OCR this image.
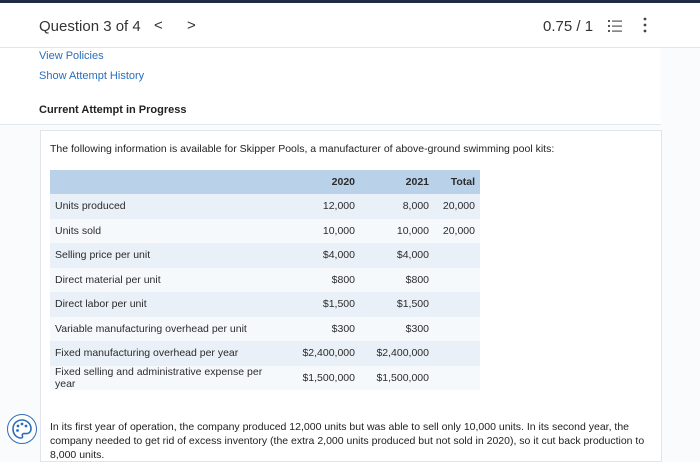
Question 3 of 4 < >	0.75 / 1
View Policies
Show Attempt History
Current Attempt in Progress
The following information is available for Skipper Pools, a manufacturer of above-ground swimming pool kits:
	2020	2021	Total
Units produced	12,000	8,000	20,000
Units sold	10,000	10,000	20,000
Selling price per unit	$4,000	$4,000	
Direct material per unit	$800	$800	
Direct labor per unit	$1,500	$1,500	
Variable manufacturing overhead per unit	$300	$300	
Fixed manufacturing overhead per year	$2,400,000	$2,400,000	
Fixed selling and administrative expense per year	$1,500,000	$1,500,000	
In its first year of operation, the company produced 12,000 units but was able to sell only 10,000 units. In its second year, the company needed to get rid of excess inventory (the extra 2,000 units produced but not sold in 2020), so it cut back production to 8,000 units.
